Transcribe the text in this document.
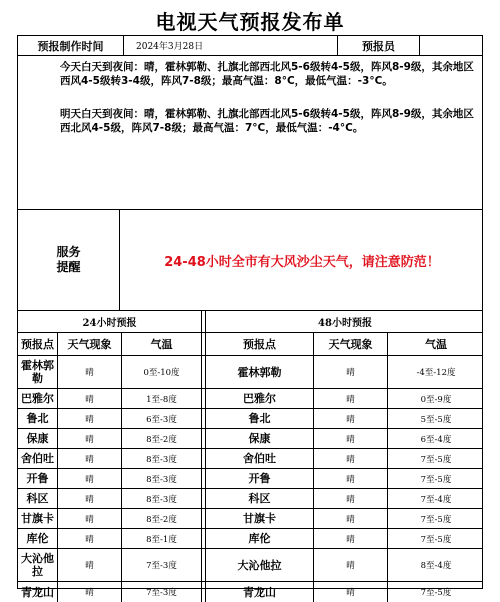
电视天气预报发布单
预报制作时间	2024年3月28日	预报员

今天白天到夜间：晴，霍林郭勒、扎旗北部西北风5-6级转4-5级，阵风8-9级，其余地区西风4-5级转3-4级，阵风7-8级；最高气温：8°C，最低气温：-3°C。

明天白天到夜间：晴，霍林郭勒、扎旗北部西北风5-6级转4-5级，阵风8-9级，其余地区西北风4-5级，阵风7-8级；最高气温：7°C，最低气温：-4°C。

服务
提醒	24-48小时全市有大风沙尘天气，请注意防范！
24小时预报	48小时预报
预报点	天气现象	气温	预报点	天气现象	气温
霍林郭勒	晴	0至-10度	霍林郭勒	晴	-4至-12度
巴雅尔	晴	1至-8度	巴雅尔	晴	0至-9度
鲁北	晴	6至-3度	鲁北	晴	5至-5度
保康	晴	8至-2度	保康	晴	6至-4度
舍伯吐	晴	8至-3度	舍伯吐	晴	7至-5度
开鲁	晴	8至-3度	开鲁	晴	7至-5度
科区	晴	8至-3度	科区	晴	7至-4度
甘旗卡	晴	8至-2度	甘旗卡	晴	7至-5度
库伦	晴	8至-1度	库伦	晴	7至-5度
大沁他拉	晴	7至-3度	大沁他拉	晴	8至-4度
青龙山	晴	7至-3度	青龙山	晴	7至-5度
